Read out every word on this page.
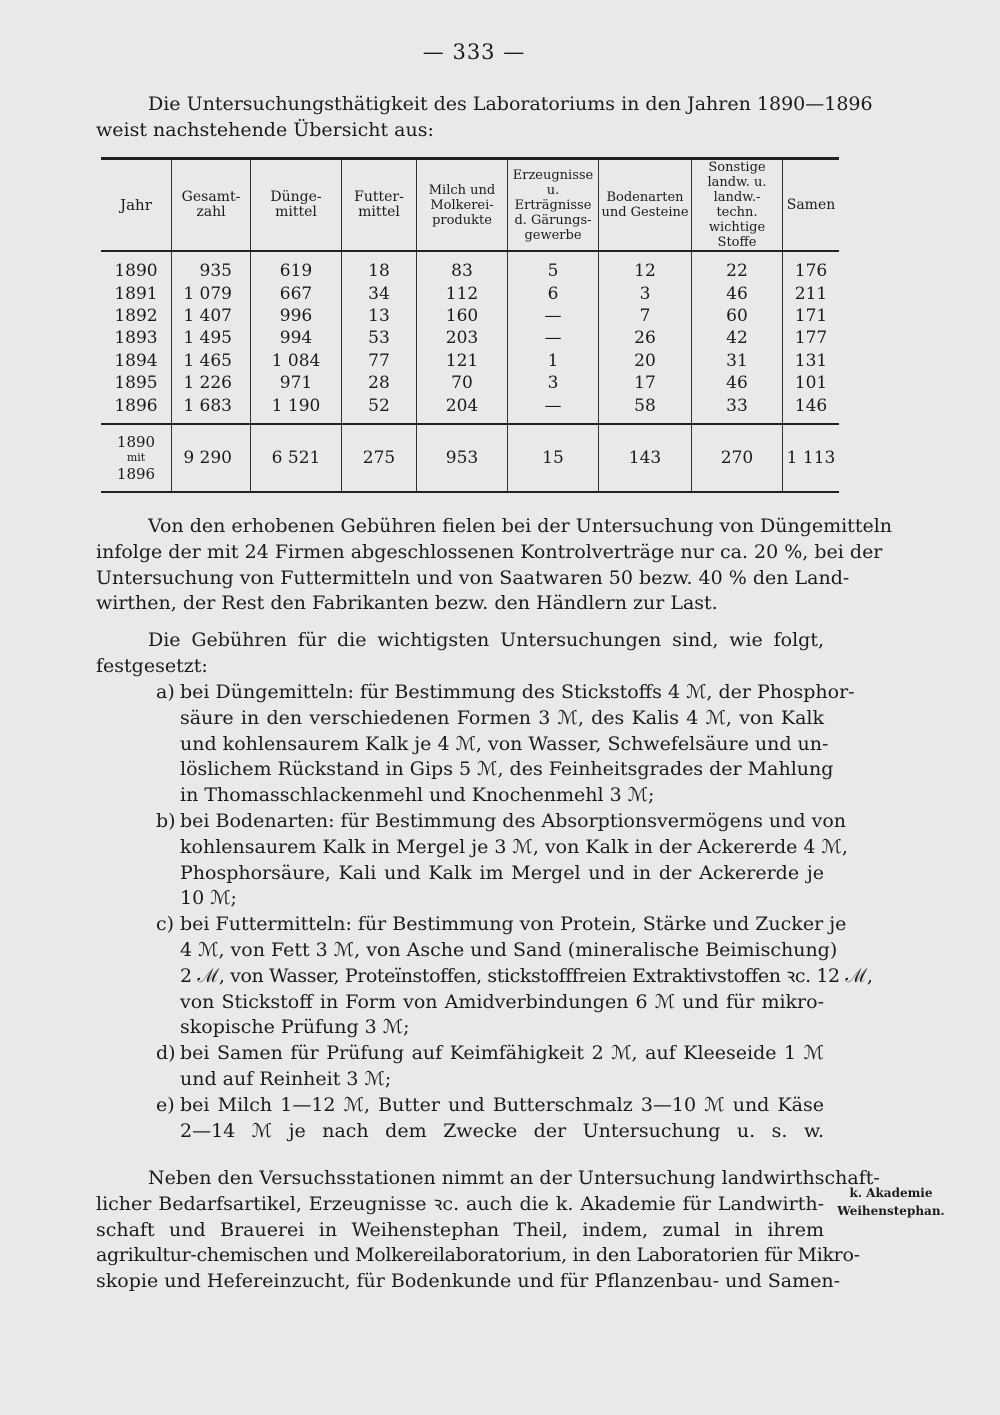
— 333 —
Die Untersuchungsthätigkeit des Laboratoriums in den Jahren 1890—1896
weist nachstehende Übersicht aus:
Jahr	Gesamt-zahl	Dünge-mittel	Futter-mittel	Milch und Molkerei-produkte	Erzeugnisse u. Erträgnisse d. Gärungs-gewerbe	Bodenarten und Gesteine	Sonstige landw. u. landw.-techn. wichtige Stoffe	Samen
1890	935	619	18	83	5	12	22	176
1891	1 079	667	34	112	6	3	46	211
1892	1 407	996	13	160	—	7	60	171
1893	1 495	994	53	203	—	26	42	177
1894	1 465	1 084	77	121	1	20	31	131
1895	1 226	971	28	70	3	17	46	101
1896	1 683	1 190	52	204	—	58	33	146

1890
mit
1896	9 290	6 521	275	953	15	143	270	1 113
Von den erhobenen Gebühren fielen bei der Untersuchung von Düngemitteln
infolge der mit 24 Firmen abgeschlossenen Kontrolverträge nur ca. 20 %, bei der
Untersuchung von Futtermitteln und von Saatwaren 50 bezw. 40 % den Land-
wirthen, der Rest den Fabrikanten bezw. den Händlern zur Last.
Die Gebühren für die wichtigsten Untersuchungen sind, wie folgt,
festgesetzt:
a) bei Düngemitteln: für Bestimmung des Stickstoffs 4 ℳ, der Phosphor-
säure in den verschiedenen Formen 3 ℳ, des Kalis 4 ℳ, von Kalk
und kohlensaurem Kalk je 4 ℳ, von Wasser, Schwefelsäure und un-
löslichem Rückstand in Gips 5 ℳ, des Feinheitsgrades der Mahlung
in Thomasschlackenmehl und Knochenmehl 3 ℳ;
b) bei Bodenarten: für Bestimmung des Absorptionsvermögens und von
kohlensaurem Kalk in Mergel je 3 ℳ, von Kalk in der Ackererde 4 ℳ,
Phosphorsäure, Kali und Kalk im Mergel und in der Ackererde je
10 ℳ;
c) bei Futtermitteln: für Bestimmung von Protein, Stärke und Zucker je
4 ℳ, von Fett 3 ℳ, von Asche und Sand (mineralische Beimischung)
2 ℳ, von Wasser, Proteïnstoffen, stickstofffreien Extraktivstoffen ꝛc. 12 ℳ,
von Stickstoff in Form von Amidverbindungen 6 ℳ und für mikro-
skopische Prüfung 3 ℳ;
d) bei Samen für Prüfung auf Keimfähigkeit 2 ℳ, auf Kleeseide 1 ℳ
und auf Reinheit 3 ℳ;
e) bei Milch 1—12 ℳ, Butter und Butterschmalz 3—10 ℳ und Käse
2—14 ℳ je nach dem Zwecke der Untersuchung u. s. w.
Neben den Versuchsstationen nimmt an der Untersuchung landwirthschaft-
licher Bedarfsartikel, Erzeugnisse ꝛc. auch die k. Akademie für Landwirth-
schaft und Brauerei in Weihenstephan Theil, indem, zumal in ihrem
agrikultur-chemischen und Molkereilaboratorium, in den Laboratorien für Mikro-
skopie und Hefereinzucht, für Bodenkunde und für Pflanzenbau- und Samen-
k. Akademie
Weihenstephan.
